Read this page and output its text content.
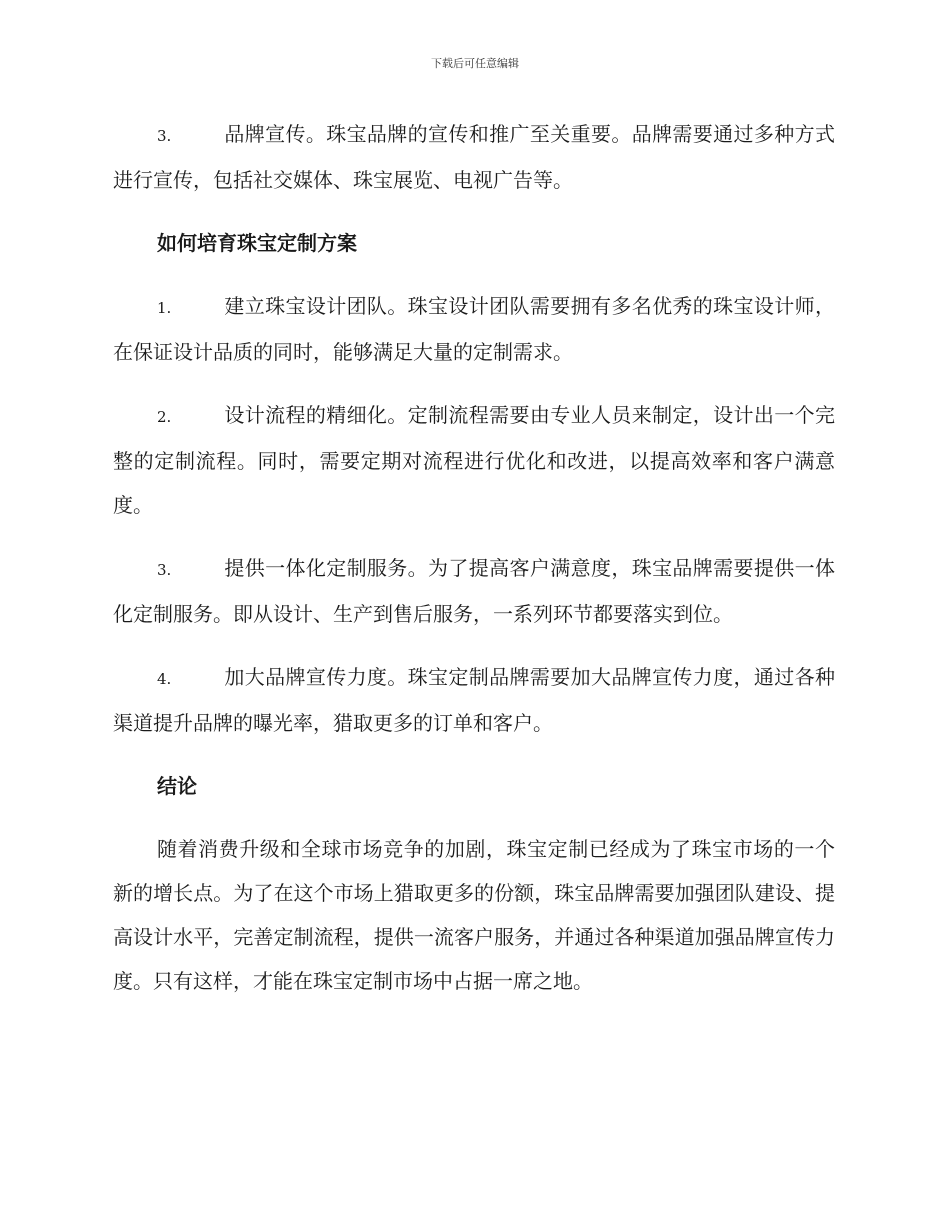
下载后可任意编辑
3.	品牌宣传。珠宝品牌的宣传和推广至关重要。品牌需要通过多种方式进行宣传，包括社交媒体、珠宝展览、电视广告等。
如何培育珠宝定制方案
1.	建立珠宝设计团队。珠宝设计团队需要拥有多名优秀的珠宝设计师，在保证设计品质的同时，能够满足大量的定制需求。
2.	设计流程的精细化。定制流程需要由专业人员来制定，设计出一个完整的定制流程。同时，需要定期对流程进行优化和改进，以提高效率和客户满意度。
3.	提供一体化定制服务。为了提高客户满意度，珠宝品牌需要提供一体化定制服务。即从设计、生产到售后服务，一系列环节都要落实到位。
4.	加大品牌宣传力度。珠宝定制品牌需要加大品牌宣传力度，通过各种渠道提升品牌的曝光率，猎取更多的订单和客户。
结论

随着消费升级和全球市场竞争的加剧，珠宝定制已经成为了珠宝市场的一个新的增长点。为了在这个市场上猎取更多的份额，珠宝品牌需要加强团队建设、提高设计水平，完善定制流程，提供一流客户服务，并通过各种渠道加强品牌宣传力度。只有这样，才能在珠宝定制市场中占据一席之地。
